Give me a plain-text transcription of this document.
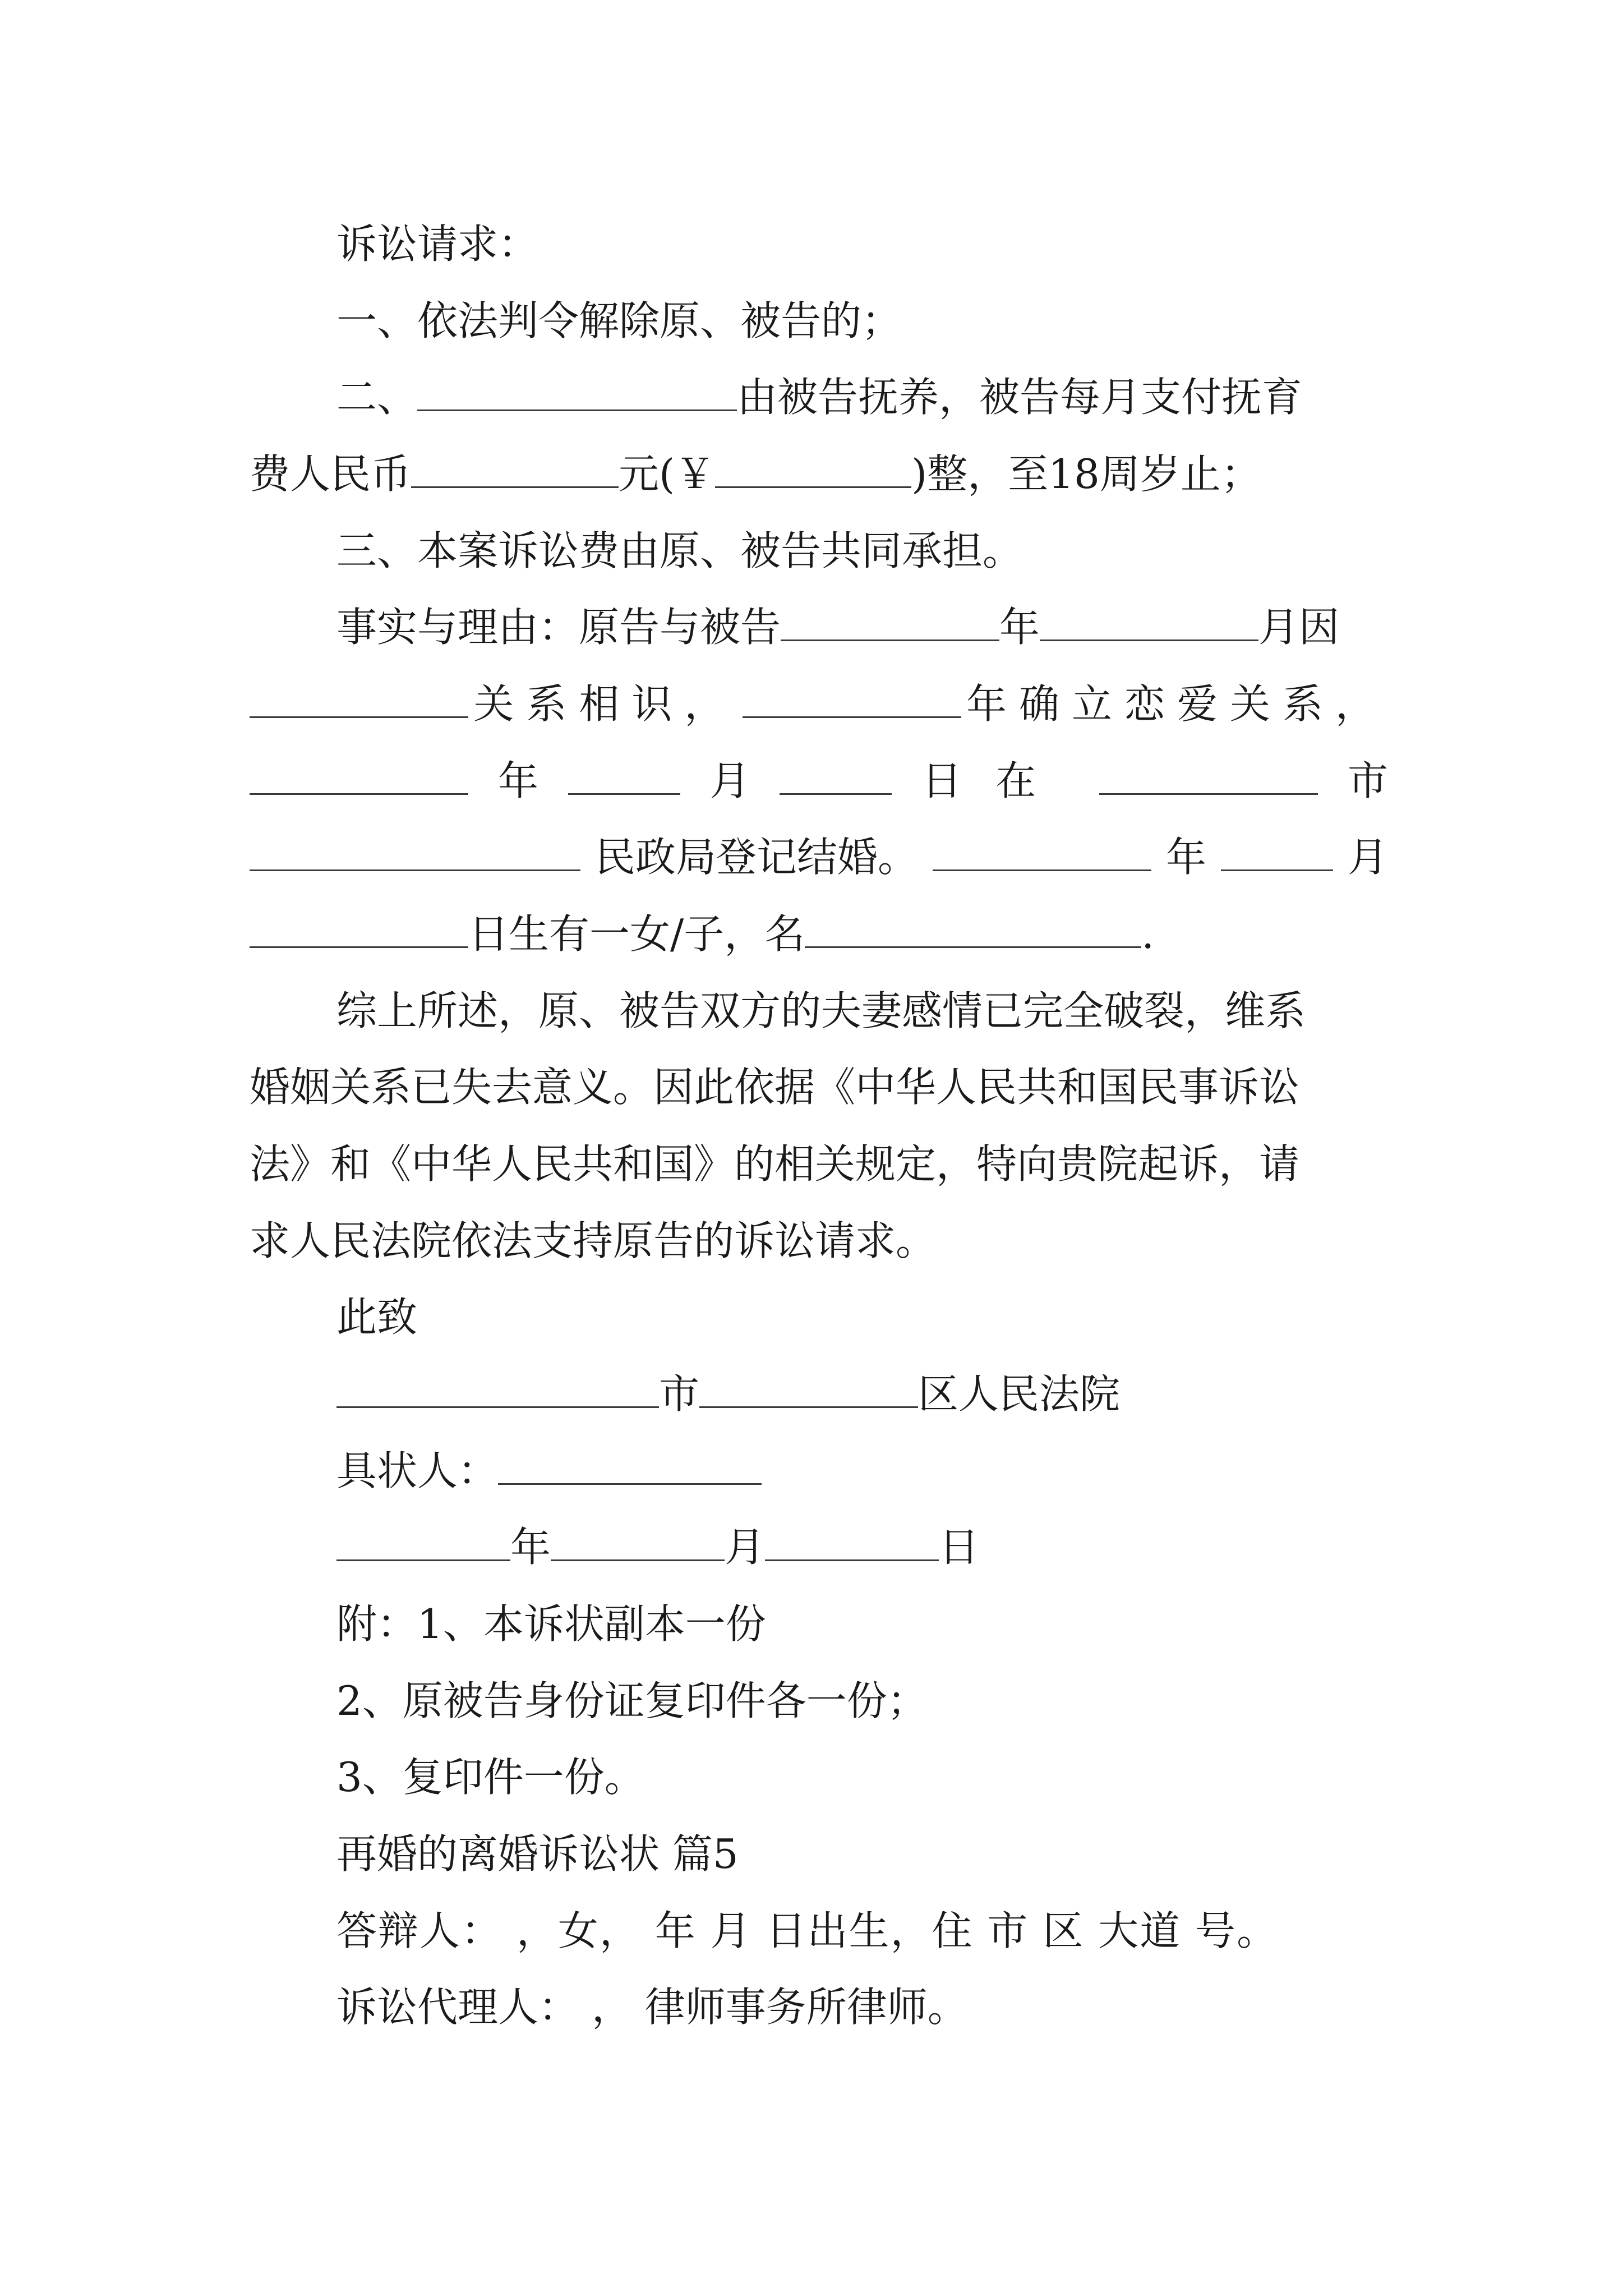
诉讼请求：
一、依法判令解除原、被告的；
二、	由被告抚养，被告每月支付抚育
费人民币	元(￥	)整，至18周岁止；
三、本案诉讼费由原、被告共同承担。
事实与理由：原告与被告	年	月因
关系相识，	年确立恋爱关系，
年	月	日在	市
民政局登记结婚。	年	月
日生有一女/子，名	.
综上所述，原、被告双方的夫妻感情已完全破裂，维系
婚姻关系已失去意义。因此依据《中华人民共和国民事诉讼
法》和《中华人民共和国》的相关规定，特向贵院起诉，请
求人民法院依法支持原告的诉讼请求。
此致
市	区人民法院
具状人：
年	月	日
附：1、本诉状副本一份
2、原被告身份证复印件各一份；
3、复印件一份。
再婚的离婚诉讼状 篇5
答辩人： ，女， 年 月 日出生，住 市 区 大道 号。
诉讼代理人： ， 律师事务所律师。
